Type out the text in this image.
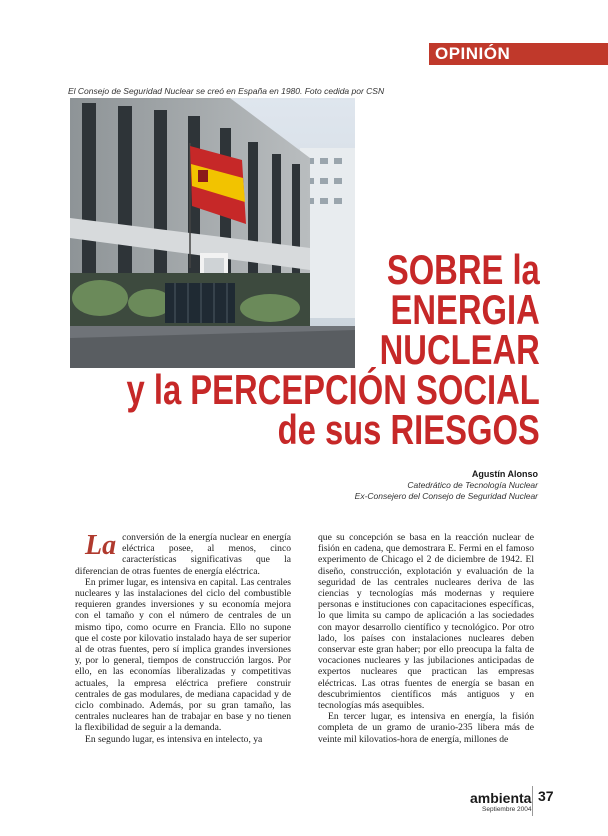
OPINIÓN
El Consejo de Seguridad Nuclear se creó en España en 1980. Foto cedida por CSN
SOBRE la
ENERGIA
NUCLEAR
y la PERCEPCIÓN SOCIAL
de sus RIESGOS
Agustín Alonso
Catedrático de Tecnología Nuclear
Ex-Consejero del Consejo de Seguridad Nuclear

La conversión de la energía nuclear en energía eléctrica posee, al menos, cinco características significativas que la diferencian de otras fuentes de energía eléctrica.

En primer lugar, es intensiva en capital. Las centrales nucleares y las instalaciones del ciclo del combustible requieren grandes inversiones y su economía mejora con el tamaño y con el número de centrales de un mismo tipo, como ocurre en Francia. Ello no supone que el coste por kilovatio instalado haya de ser superior al de otras fuentes, pero sí implica grandes inversiones y, por lo general, tiempos de construcción largos. Por ello, en las economías liberalizadas y competitivas actuales, la empresa eléctrica prefiere construir centrales de gas modulares, de mediana capacidad y de ciclo combinado. Además, por su gran tamaño, las centrales nucleares han de trabajar en base y no tienen la flexibilidad de seguir a la demanda.

En segundo lugar, es intensiva en intelecto, ya

que su concepción se basa en la reacción nuclear de fisión en cadena, que demostrara E. Fermi en el famoso experimento de Chicago el 2 de diciembre de 1942. El diseño, construcción, explotación y evaluación de la seguridad de las centrales nucleares deriva de las ciencias y tecnologías más modernas y requiere personas e instituciones con capacitaciones específicas, lo que limita su campo de aplicación a las sociedades con mayor desarrollo científico y tecnológico. Por otro lado, los países con instalaciones nucleares deben conservar este gran haber; por ello preocupa la falta de vocaciones nucleares y las jubilaciones anticipadas de expertos nucleares que practican las empresas eléctricas. Las otras fuentes de energía se basan en descubrimientos científicos más antiguos y en tecnologías más asequibles.

En tercer lugar, es intensiva en energía, la fisión completa de un gramo de uranio-235 libera más de veinte mil kilovatios-hora de energía, millones de

ambienta
Septiembre 2004
37
